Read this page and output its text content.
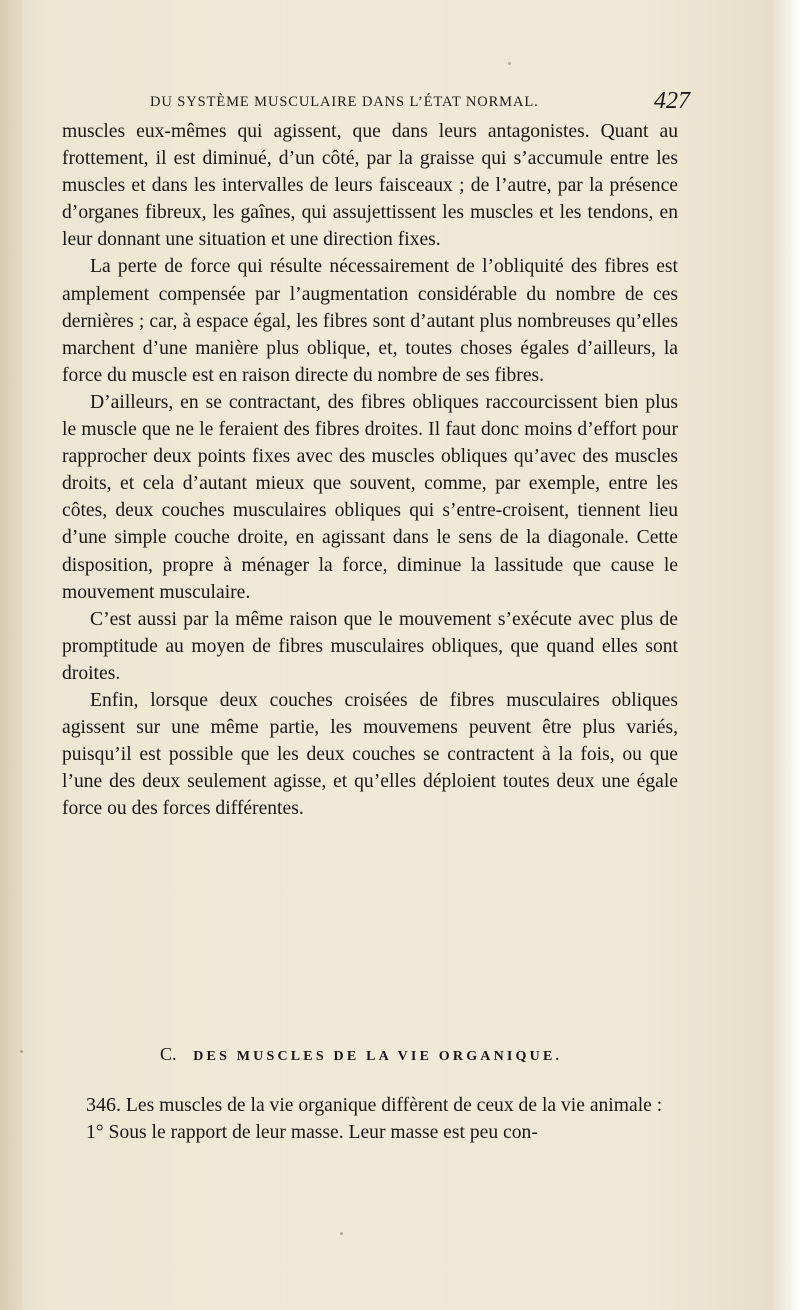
DU SYSTÈME MUSCULAIRE DANS L’ÉTAT NORMAL.	427

muscles eux-mêmes qui agissent, que dans leurs antagonistes. Quant au frottement, il est diminué, d’un côté, par la graisse qui s’accumule entre les muscles et dans les intervalles de leurs faisceaux ; de l’autre, par la présence d’organes fibreux, les gaînes, qui assujettissent les muscles et les tendons, en leur donnant une situation et une direction fixes.

La perte de force qui résulte nécessairement de l’obliquité des fibres est amplement compensée par l’augmentation considérable du nombre de ces dernières ; car, à espace égal, les fibres sont d’autant plus nombreuses qu’elles marchent d’une manière plus oblique, et, toutes choses égales d’ailleurs, la force du muscle est en raison directe du nombre de ses fibres.

D’ailleurs, en se contractant, des fibres obliques raccourcissent bien plus le muscle que ne le feraient des fibres droites. Il faut donc moins d’effort pour rapprocher deux points fixes avec des muscles obliques qu’avec des muscles droits, et cela d’autant mieux que souvent, comme, par exemple, entre les côtes, deux couches musculaires obliques qui s’entre-croisent, tiennent lieu d’une simple couche droite, en agissant dans le sens de la diagonale. Cette disposition, propre à ménager la force, diminue la lassitude que cause le mouvement musculaire.

C’est aussi par la même raison que le mouvement s’exécute avec plus de promptitude au moyen de fibres musculaires obliques, que quand elles sont droites.

Enfin, lorsque deux couches croisées de fibres musculaires obliques agissent sur une même partie, les mouvemens peuvent être plus variés, puisqu’il est possible que les deux couches se contractent à la fois, ou que l’une des deux seulement agisse, et qu’elles déploient toutes deux une égale force ou des forces différentes.

C. DES MUSCLES DE LA VIE ORGANIQUE.

346. Les muscles de la vie organique diffèrent de ceux de la vie animale :

1° Sous le rapport de leur masse. Leur masse est peu con-
